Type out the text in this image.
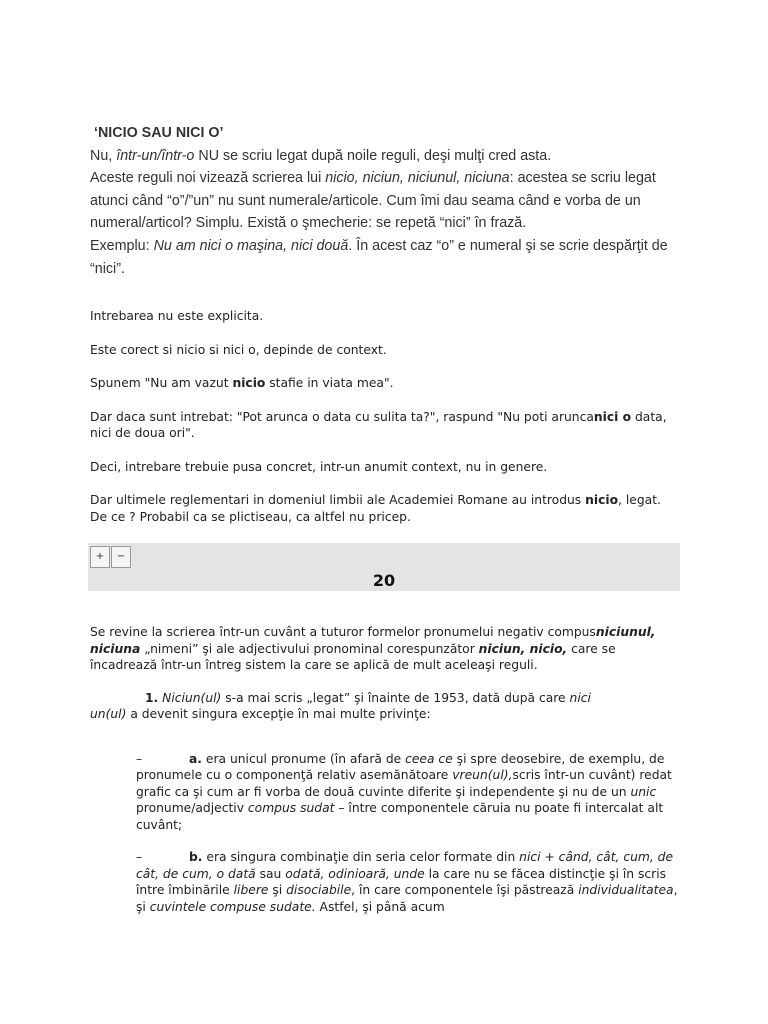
‘NICIO SAU NICI O’

Nu, într-un/într-o NU se scriu legat după noile reguli, deşi mulţi cred asta.

Aceste reguli noi vizează scrierea lui nicio, niciun, niciunul, niciuna: acestea se scriu legat atunci când “o”/”un” nu sunt numerale/articole. Cum îmi dau seama când e vorba de un numeral/articol? Simplu. Există o şmecherie: se repetă “nici” în frază.

Exemplu: Nu am nici o maşina, nici două. În acest caz “o” e numeral şi se scrie despărţit de “nici”.

Intrebarea nu este explicita.

Este corect si nicio si nici o, depinde de context.

Spunem "Nu am vazut nicio stafie in viata mea".

Dar daca sunt intrebat: "Pot arunca o data cu sulita ta?", raspund "Nu poti aruncanici o data, nici de doua ori".

Deci, intrebare trebuie pusa concret, intr-un anumit context, nu in genere.

Dar ultimele reglementari in domeniul limbii ale Academiei Romane au introdus nicio, legat. De ce ? Probabil ca se plictiseau, ca altfel nu pricep.

+	−
20

Se revine la scrierea într-un cuvânt a tuturor formelor pronumelui negativ compusniciunul, niciuna „nimeni” şi ale adjectivului pronominal corespunzător niciun, nicio, care se încadrează într-un întreg sistem la care se aplică de mult aceleaşi reguli.

1. Niciun(ul) s-a mai scris „legat” şi înainte de 1953, dată după care nici
un(ul) a devenit singura excepţie în mai multe privinţe:

–	a. era unicul pronume (în afară de ceea ce şi spre deosebire, de exemplu, de pronumele cu o componenţă relativ asemănătoare vreun(ul),scris într-un cuvânt) redat grafic ca şi cum ar fi vorba de două cuvinte diferite şi independente şi nu de un unic pronume/adjectiv compus sudat – între componentele căruia nu poate fi intercalat alt cuvânt;

–	b. era singura combinaţie din seria celor formate din nici + când, cât, cum, de cât, de cum, o dată sau odată, odinioară, unde la care nu se făcea distincţie şi în scris între îmbinările libere şi disociabile, în care componentele îşi păstrează individualitatea, şi cuvintele compuse sudate. Astfel, şi până acum
